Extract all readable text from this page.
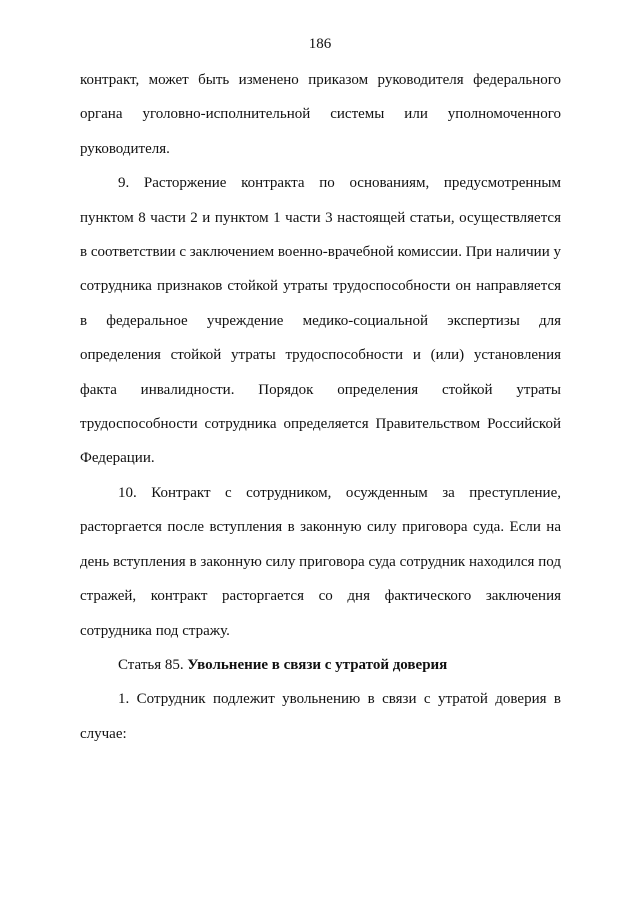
186

контракт, может быть изменено приказом руководителя федерального органа уголовно-исполнительной системы или уполномоченного руководителя.

9. Расторжение контракта по основаниям, предусмотренным пунктом 8 части 2 и пунктом 1 части 3 настоящей статьи, осуществляется в соответствии с заключением военно-врачебной комиссии. При наличии у сотрудника признаков стойкой утраты трудоспособности он направляется в федеральное учреждение медико-социальной экспертизы для определения стойкой утраты трудоспособности и (или) установления факта инвалидности. Порядок определения стойкой утраты трудоспособности сотрудника определяется Правительством Российской Федерации.

10. Контракт с сотрудником, осужденным за преступление, расторгается после вступления в законную силу приговора суда. Если на день вступления в законную силу приговора суда сотрудник находился под стражей, контракт расторгается со дня фактического заключения сотрудника под стражу.

Статья 85. Увольнение в связи с утратой доверия

1. Сотрудник подлежит увольнению в связи с утратой доверия в случае:
